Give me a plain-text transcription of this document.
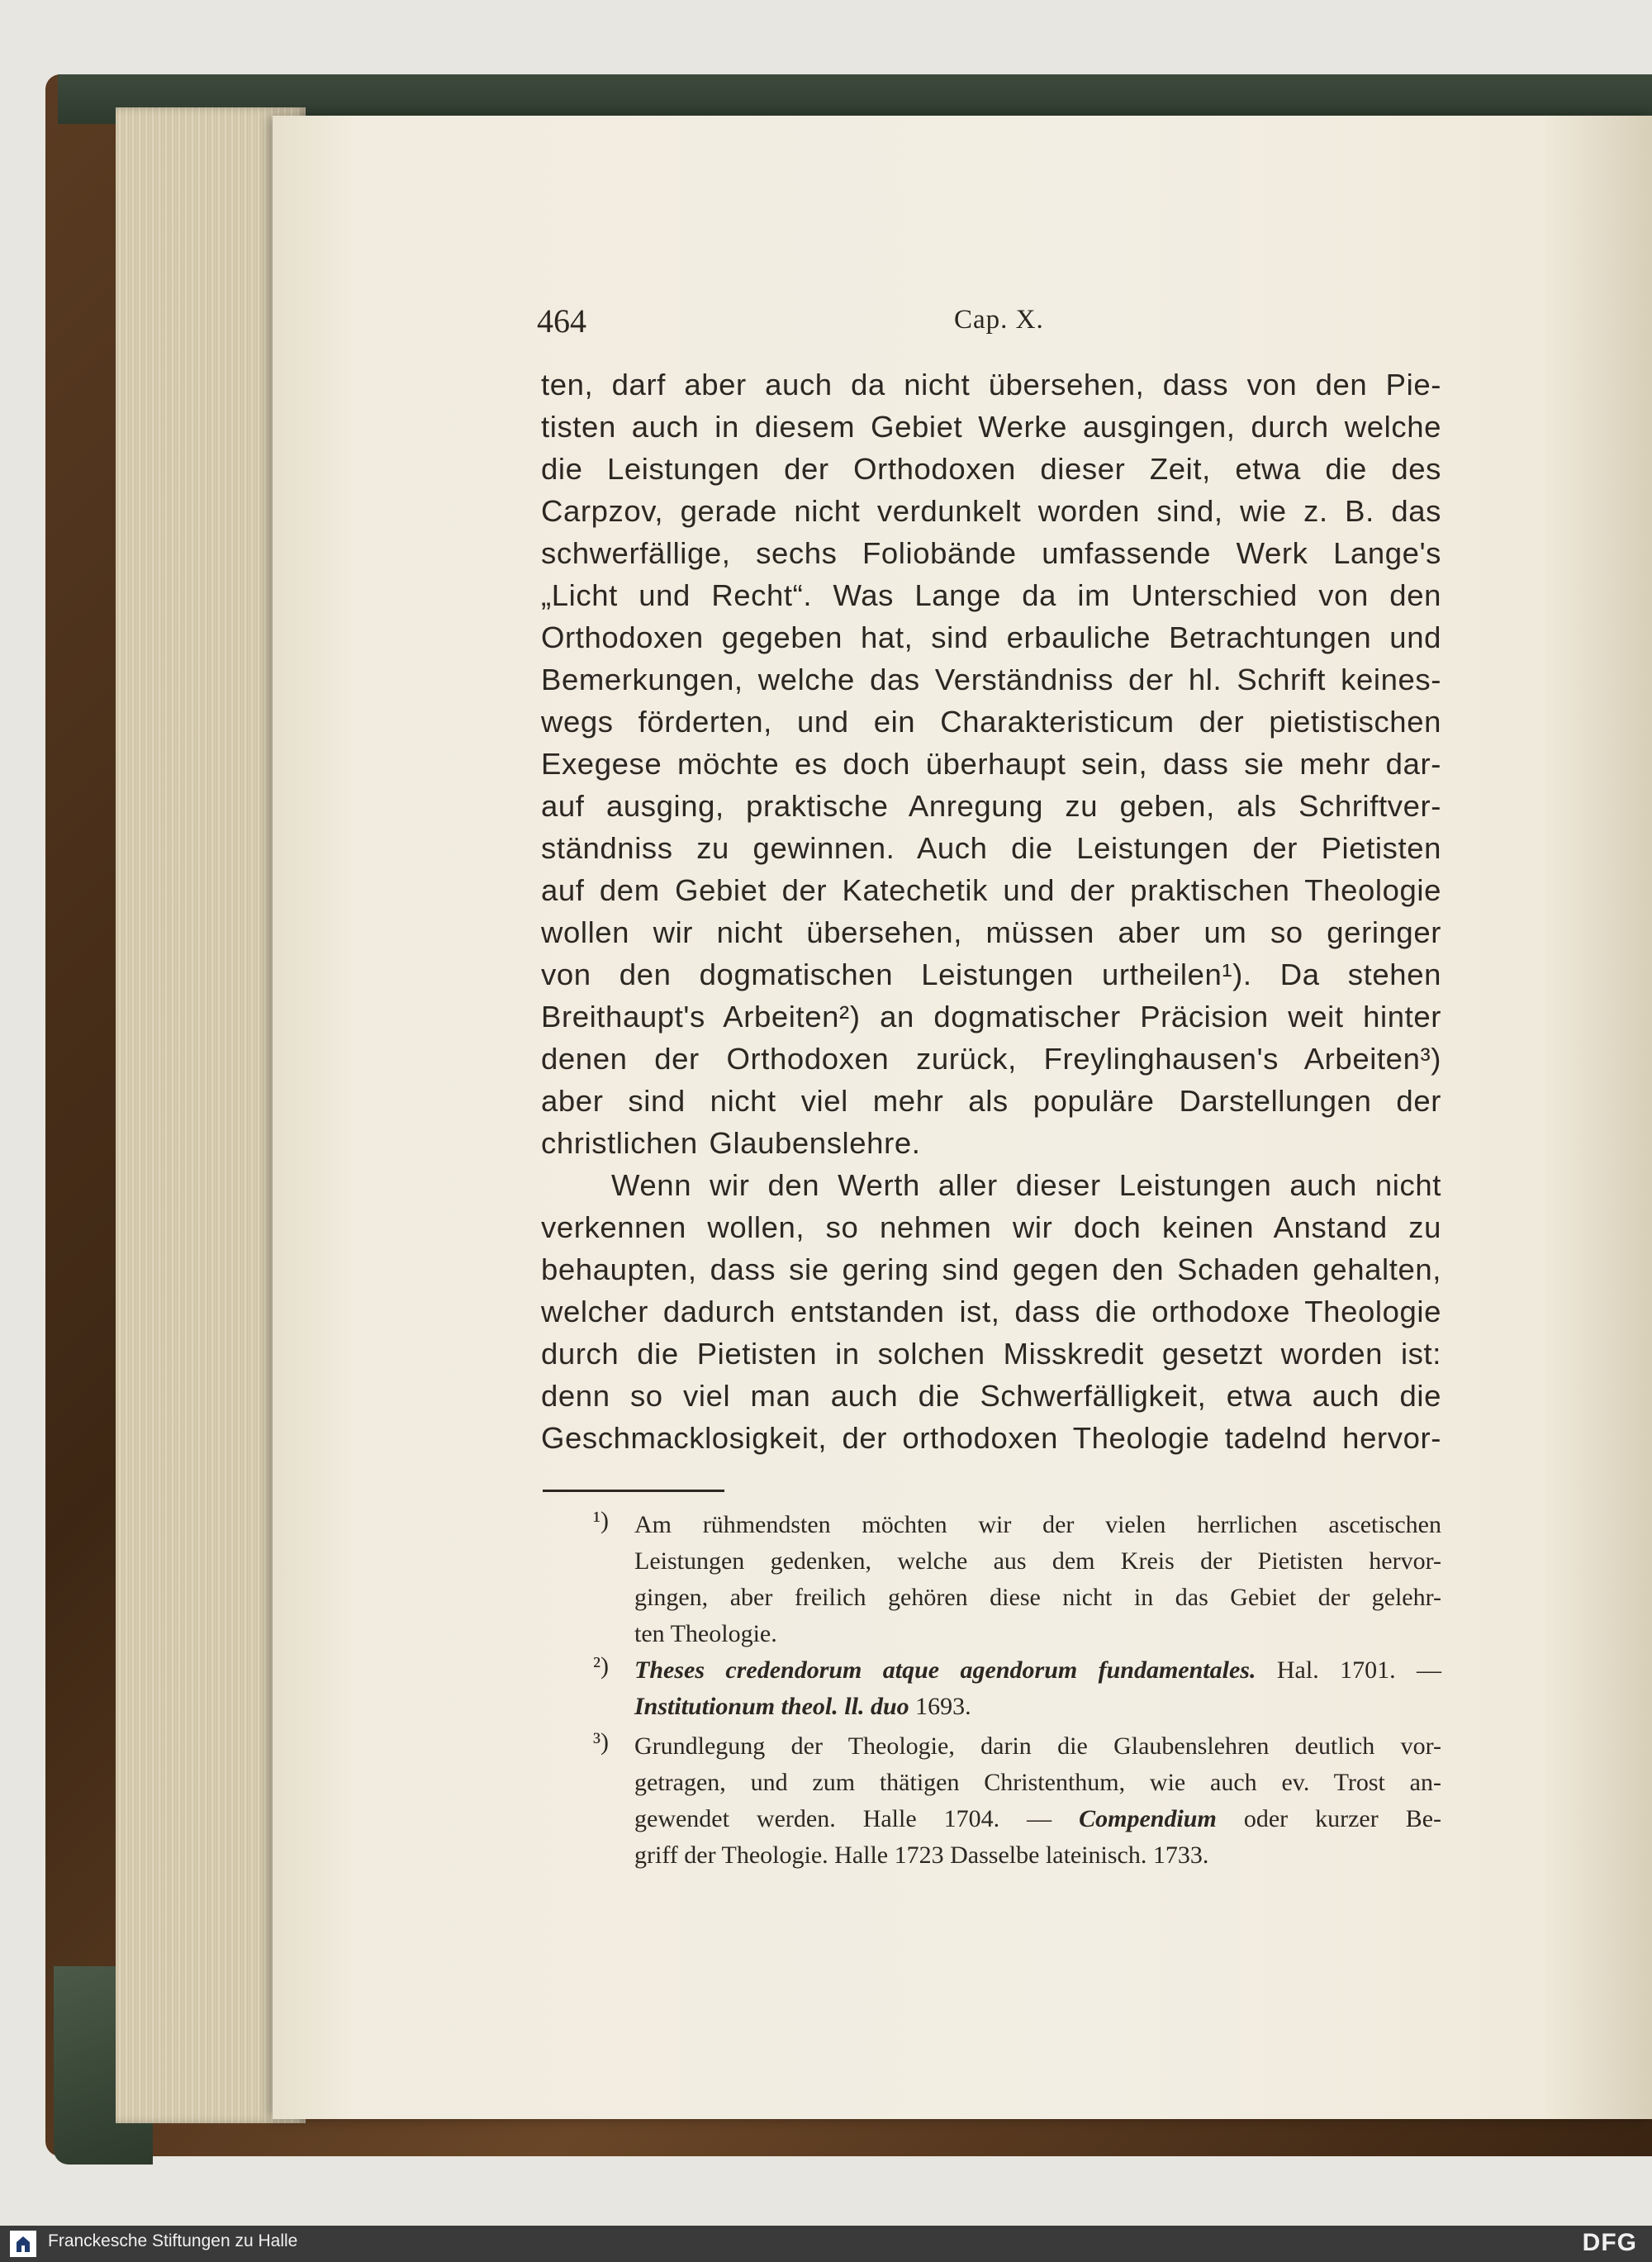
464	Cap. X.
ten, darf aber auch da nicht übersehen, dass von den Pie-
tisten auch in diesem Gebiet Werke ausgingen, durch welche
die Leistungen der Orthodoxen dieser Zeit, etwa die des
Carpzov, gerade nicht verdunkelt worden sind, wie z. B. das
schwerfällige, sechs Foliobände umfassende Werk Lange's
„Licht und Recht“. Was Lange da im Unterschied von den
Orthodoxen gegeben hat, sind erbauliche Betrachtungen und
Bemerkungen, welche das Verständniss der hl. Schrift keines-
wegs förderten, und ein Charakteristicum der pietistischen
Exegese möchte es doch überhaupt sein, dass sie mehr dar-
auf ausging, praktische Anregung zu geben, als Schriftver-
ständniss zu gewinnen. Auch die Leistungen der Pietisten
auf dem Gebiet der Katechetik und der praktischen Theologie
wollen wir nicht übersehen, müssen aber um so geringer
von den dogmatischen Leistungen urtheilen¹). Da stehen
Breithaupt's Arbeiten²) an dogmatischer Präcision weit hinter
denen der Orthodoxen zurück, Freylinghausen's Arbeiten³)
aber sind nicht viel mehr als populäre Darstellungen der
christlichen Glaubenslehre.
Wenn wir den Werth aller dieser Leistungen auch nicht
verkennen wollen, so nehmen wir doch keinen Anstand zu
behaupten, dass sie gering sind gegen den Schaden gehalten,
welcher dadurch entstanden ist, dass die orthodoxe Theologie
durch die Pietisten in solchen Misskredit gesetzt worden ist:
denn so viel man auch die Schwerfälligkeit, etwa auch die
Geschmacklosigkeit, der orthodoxen Theologie tadelnd hervor-
¹)	Am rühmendsten möchten wir der vielen herrlichen ascetischen
Leistungen gedenken, welche aus dem Kreis der Pietisten hervor-
gingen, aber freilich gehören diese nicht in das Gebiet der gelehr-
ten Theologie.
²)	Theses credendorum atque agendorum fundamentales. Hal. 1701. —
Institutionum theol. ll. duo 1693.
³)	Grundlegung der Theologie, darin die Glaubenslehren deutlich vor-
getragen, und zum thätigen Christenthum, wie auch ev. Trost an-
gewendet werden. Halle 1704. — Compendium oder kurzer Be-
griff der Theologie. Halle 1723 Dasselbe lateinisch. 1733.
Franckesche Stiftungen zu Halle	DFG
